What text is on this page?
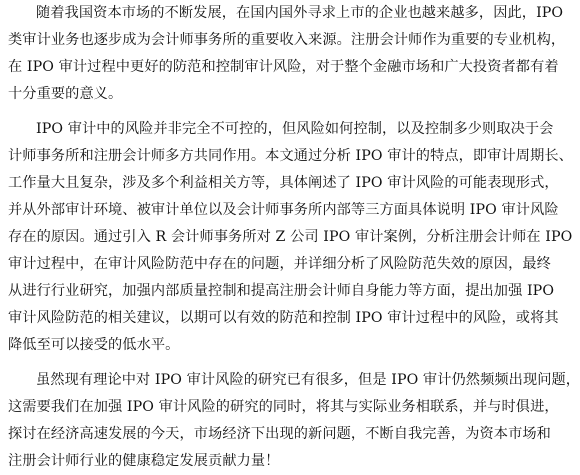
随着我国资本市场的不断发展，在国内国外寻求上市的企业也越来越多，因此，IPO
类审计业务也逐步成为会计师事务所的重要收入来源。注册会计师作为重要的专业机构，
在 IPO 审计过程中更好的防范和控制审计风险，对于整个金融市场和广大投资者都有着
十分重要的意义。
IPO 审计中的风险并非完全不可控的，但风险如何控制，以及控制多少则取决于会
计师事务所和注册会计师多方共同作用。本文通过分析 IPO 审计的特点，即审计周期长、
工作量大且复杂，涉及多个利益相关方等，具体阐述了 IPO 审计风险的可能表现形式，
并从外部审计环境、被审计单位以及会计师事务所内部等三方面具体说明 IPO 审计风险
存在的原因。通过引入 R 会计师事务所对 Z 公司 IPO 审计案例，分析注册会计师在 IPO
审计过程中，在审计风险防范中存在的问题，并详细分析了风险防范失效的原因，最终
从进行行业研究，加强内部质量控制和提高注册会计师自身能力等方面，提出加强 IPO
审计风险防范的相关建议，以期可以有效的防范和控制 IPO 审计过程中的风险，或将其
降低至可以接受的低水平。
虽然现有理论中对 IPO 审计风险的研究已有很多，但是 IPO 审计仍然频频出现问题，
这需要我们在加强 IPO 审计风险的研究的同时，将其与实际业务相联系，并与时俱进，
探讨在经济高速发展的今天，市场经济下出现的新问题，不断自我完善，为资本市场和
注册会计师行业的健康稳定发展贡献力量！
